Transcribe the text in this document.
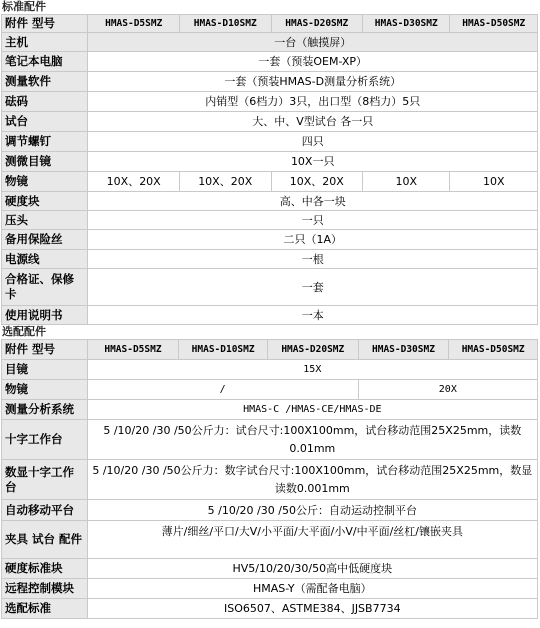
标准配件
附件 型号	HMAS-D5SMZ	HMAS-D10SMZ	HMAS-D20SMZ	HMAS-D30SMZ	HMAS-D50SMZ
主机	一台（触摸屏）				
笔记本电脑	一套（预装OEM-XP）				
测量软件	一套（预装HMAS-D测量分析系统）				
砝码	内销型（6档力）3只，出口型（8档力）5只				
试台	大、中、V型试台 各一只				
调节螺钉	四只				
测微目镜	10X一只				
物镜	10X、20X	10X、20X	10X、20X	10X	10X
硬度块	高、中各一块				
压头	一只				
备用保险丝	二只（1A）				
电源线	一根				
合格证、保修卡	一套				
使用说明书	一本				
选配配件
附件 型号	HMAS-D5SMZ	HMAS-D10SMZ	HMAS-D20SMZ	HMAS-D30SMZ	HMAS-D50SMZ
目镜	15X				
物镜	/			20X	
测量分析系统	HMAS-C /HMAS-CE/HMAS-DE				
十字工作台	5 /10/20 /30 /50公斤力：试台尺寸:100X100mm，试台移动范围25X25mm，读数0.01mm				
数显十字工作台	5 /10/20 /30 /50公斤力：数字试台尺寸:100X100mm，试台移动范围25X25mm，数显读数0.001mm				
自动移动平台	5 /10/20 /30 /50公斤：自动运动控制平台				
夹具 试台 配件	薄片/细丝/平口/大V/小平面/大平面/小V/中平面/丝杠/镶嵌夹具				
硬度标准块	HV5/10/20/30/50高中低硬度块				
远程控制模块	HMAS-Y（需配备电脑）				
选配标准	ISO6507、ASTME384、JJSB7734				
